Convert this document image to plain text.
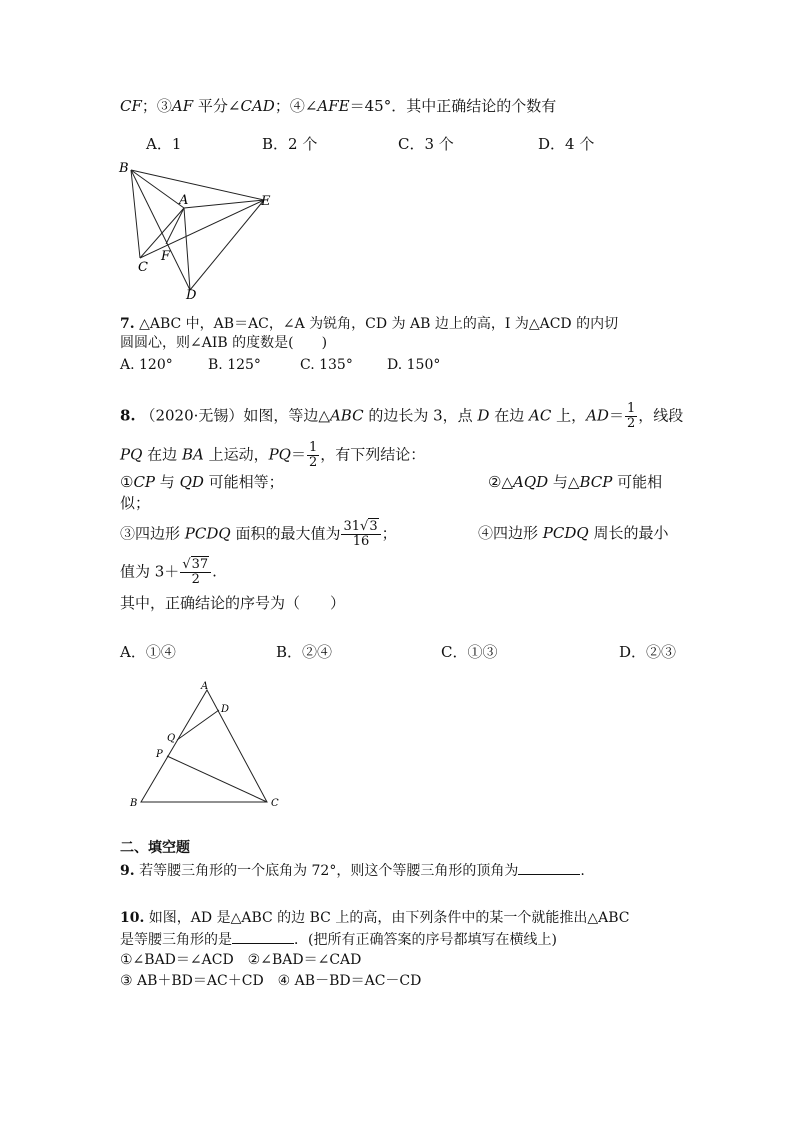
CF；③AF 平分∠CAD；④∠AFE＝45°．其中正确结论的个数有
A．1	B．2 个	C．3 个	D．4 个
B
A	E
C
F
D
7. △ABC 中，AB＝AC，∠A 为锐角，CD 为 AB 边上的高，I 为△ACD 的内切
圆圆心，则∠AIB 的度数是(　　)
A. 120°	B. 125°	C. 135° D. 150°
8. （2020·无锡）如图，等边△ABC 的边长为 3，点 D 在边 AC 上，$AD= \frac{1}{2}$ ，线段
PQ 在边 BA 上运动，$PQ= \frac{1}{2}$ ，有下列结论：
①CP 与 QD 可能相等；	②△AQD 与△BCP 可能相
似；
③四边形 PCDQ 面积的最大值为 $\frac{31√3}{16}$ ；	④四边形 PCDQ 周长的最小
值为 $3+ \frac{√37}{2}$ .
其中，正确结论的序号为（　　）
A．①④	B．②④	C．①③	D．②③
A
D
Q
P
B	C
二、填空题
9. 若等腰三角形的一个底角为 72°，则这个等腰三角形的顶角为	.
10. 如图，AD 是△ABC 的边 BC 上的高，由下列条件中的某一个就能推出△ABC
是等腰三角形的是	．(把所有正确答案的序号都填写在横线上)
①∠BAD＝∠ACD　②∠BAD＝∠CAD
③ AB＋BD＝AC＋CD　④ AB－BD＝AC－CD
